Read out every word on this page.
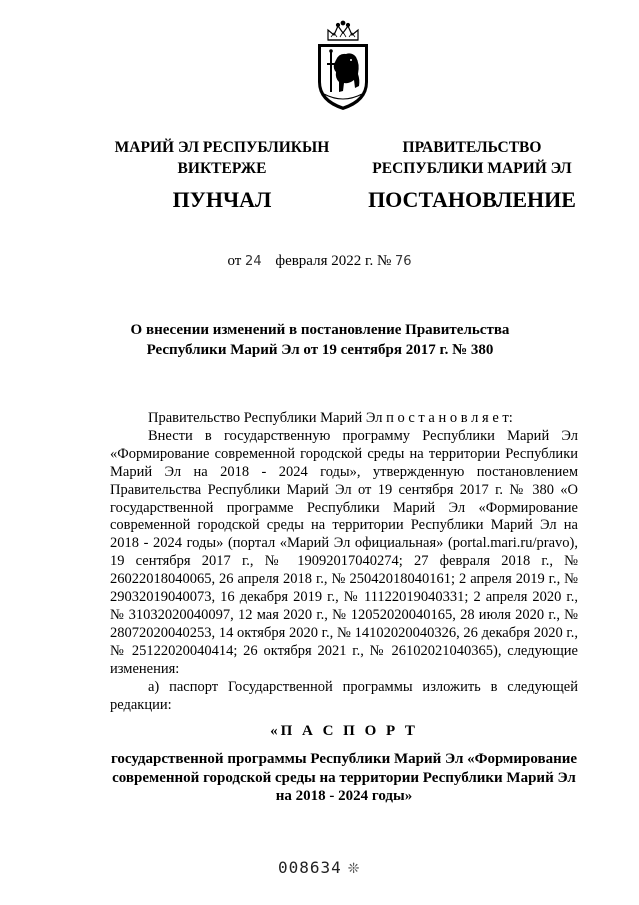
МАРИЙ ЭЛ РЕСПУБЛИКЫН
ВИКТЕРЖЕ
ПУНЧАЛ
ПРАВИТЕЛЬСТВО
РЕСПУБЛИКИ МАРИЙ ЭЛ
ПОСТАНОВЛЕНИЕ
от 24 февраля 2022 г. № 76
О внесении изменений в постановление Правительства
Республики Марий Эл от 19 сентября 2017 г. № 380

Правительство Республики Марий Эл п о с т а н о в л я е т:

Внести в государственную программу Республики Марий Эл «Формирование современной городской среды на территории Республики Марий Эл на 2018 - 2024 годы», утвержденную постановлением Правительства Республики Марий Эл от 19 сентября 2017 г. № 380 «О государственной программе Республики Марий Эл «Формирование современной городской среды на территории Республики Марий Эл на 2018 - 2024 годы» (портал «Марий Эл официальная» (portal.mari.ru/pravo), 19 сентября 2017 г., № 19092017040274; 27 февраля 2018 г., № 26022018040065, 26 апреля 2018 г., № 25042018040161; 2 апреля 2019 г., № 29032019040073, 16 декабря 2019 г., № 11122019040331; 2 апреля 2020 г., № 31032020040097, 12 мая 2020 г., № 12052020040165, 28 июля 2020 г., № 28072020040253, 14 октября 2020 г., № 14102020040326, 26 декабря 2020 г., № 25122020040414; 26 октября 2021 г., № 26102021040365), следующие изменения:

а) паспорт Государственной программы изложить в следующей редакции:

«П А С П О Р Т
государственной программы Республики Марий Эл «Формирование
современной городской среды на территории Республики Марий Эл
на 2018 - 2024 годы»
008634 ❊
